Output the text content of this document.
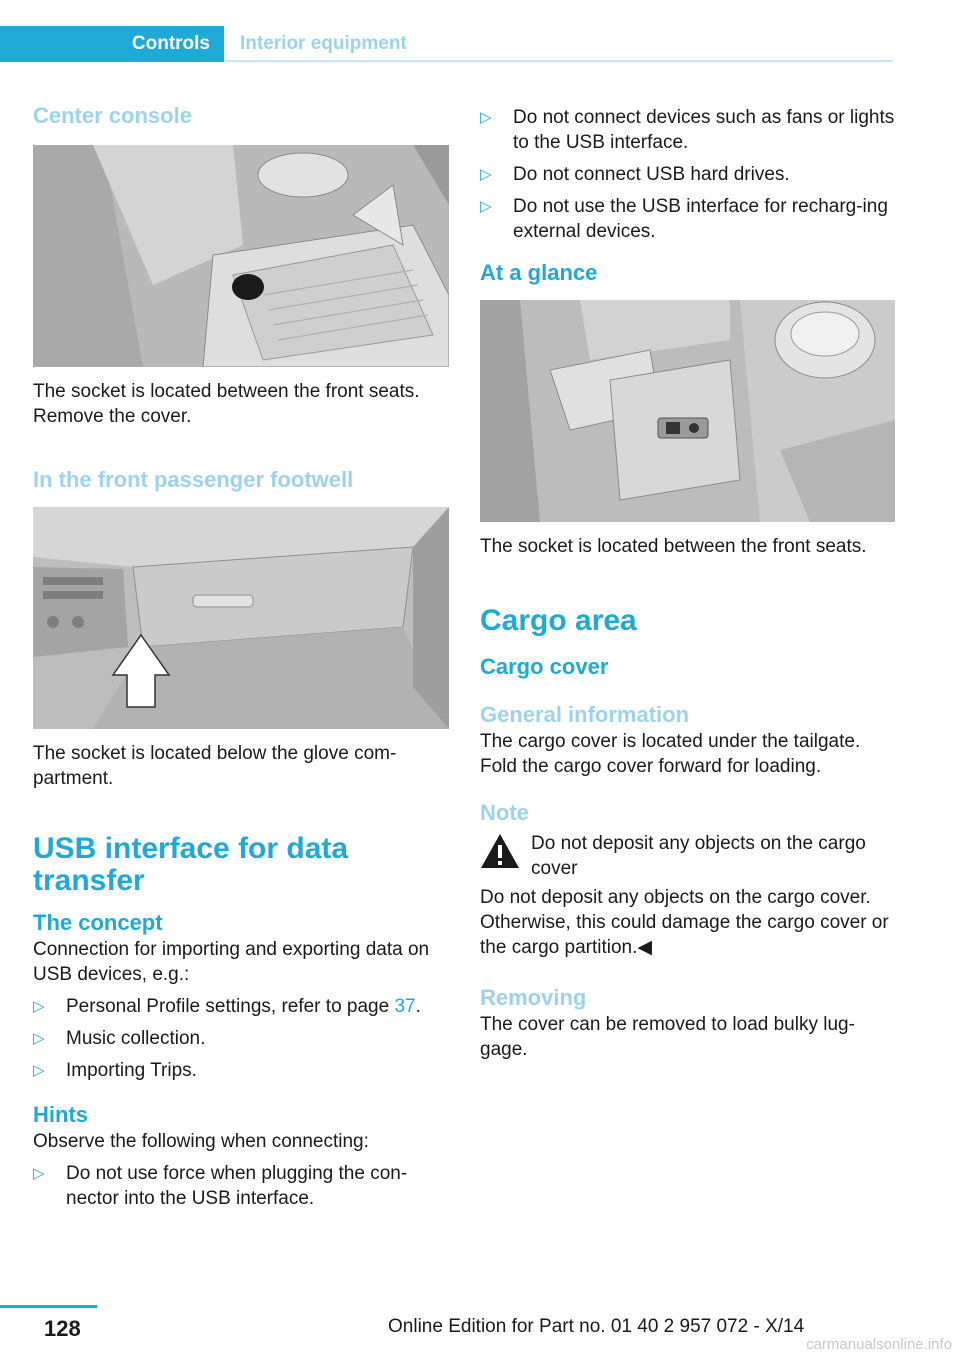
Controls	Interior equipment
Center console

The socket is located between the front seats. Remove the cover.

In the front passenger footwell

The socket is located below the glove com-partment.

USB interface for data transfer
The concept

Connection for importing and exporting data on USB devices, e.g.:

▷ Personal Profile settings, refer to page 37.
▷ Music collection.
▷ Importing Trips.
Hints

Observe the following when connecting:

▷ Do not use force when plugging the con-nector into the USB interface.
▷ Do not connect devices such as fans or lights to the USB interface.
▷ Do not connect USB hard drives.
▷ Do not use the USB interface for recharg-ing external devices.
At a glance

The socket is located between the front seats.

Cargo area
Cargo cover
General information

The cargo cover is located under the tailgate. Fold the cargo cover forward for loading.

Note

Do not deposit any objects on the cargo cover

Do not deposit any objects on the cargo cover. Otherwise, this could damage the cargo cover or the cargo partition.◀

Removing

The cover can be removed to load bulky lug-gage.

128	Online Edition for Part no. 01 40 2 957 072 - X/14
carmanualsonline.info
